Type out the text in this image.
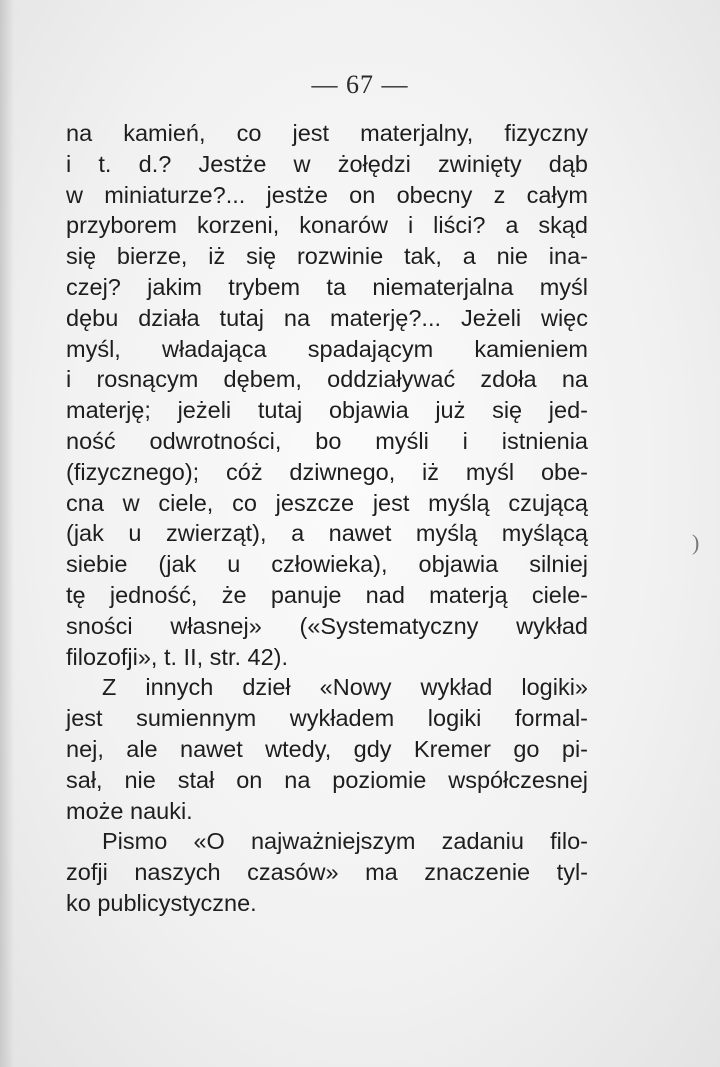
— 67 —
na kamień, co jest materjalny, fizyczny
i t. d.? Jestże w żołędzi zwinięty dąb
w miniaturze?... jestże on obecny z całym
przyborem korzeni, konarów i liści? a skąd
się bierze, iż się rozwinie tak, a nie ina-
czej? jakim trybem ta niematerjalna myśl
dębu działa tutaj na materję?... Jeżeli więc
myśl, władająca spadającym kamieniem
i rosnącym dębem, oddziaływać zdoła na
materję; jeżeli tutaj objawia już się jed-
ność odwrotności, bo myśli i istnienia
(fizycznego); cóż dziwnego, iż myśl obe-
cna w ciele, co jeszcze jest myślą czującą
(jak u zwierząt), a nawet myślą myślącą
siebie (jak u człowieka), objawia silniej
tę jedność, że panuje nad materją ciele-
sności własnej» («Systematyczny wykład
filozofji», t. II, str. 42).
Z innych dzieł «Nowy wykład logiki»
jest sumiennym wykładem logiki formal-
nej, ale nawet wtedy, gdy Kremer go pi-
sał, nie stał on na poziomie współczesnej
może nauki.
Pismo «O najważniejszym zadaniu filo-
zofji naszych czasów» ma znaczenie tyl-
ko publicystyczne.
)
